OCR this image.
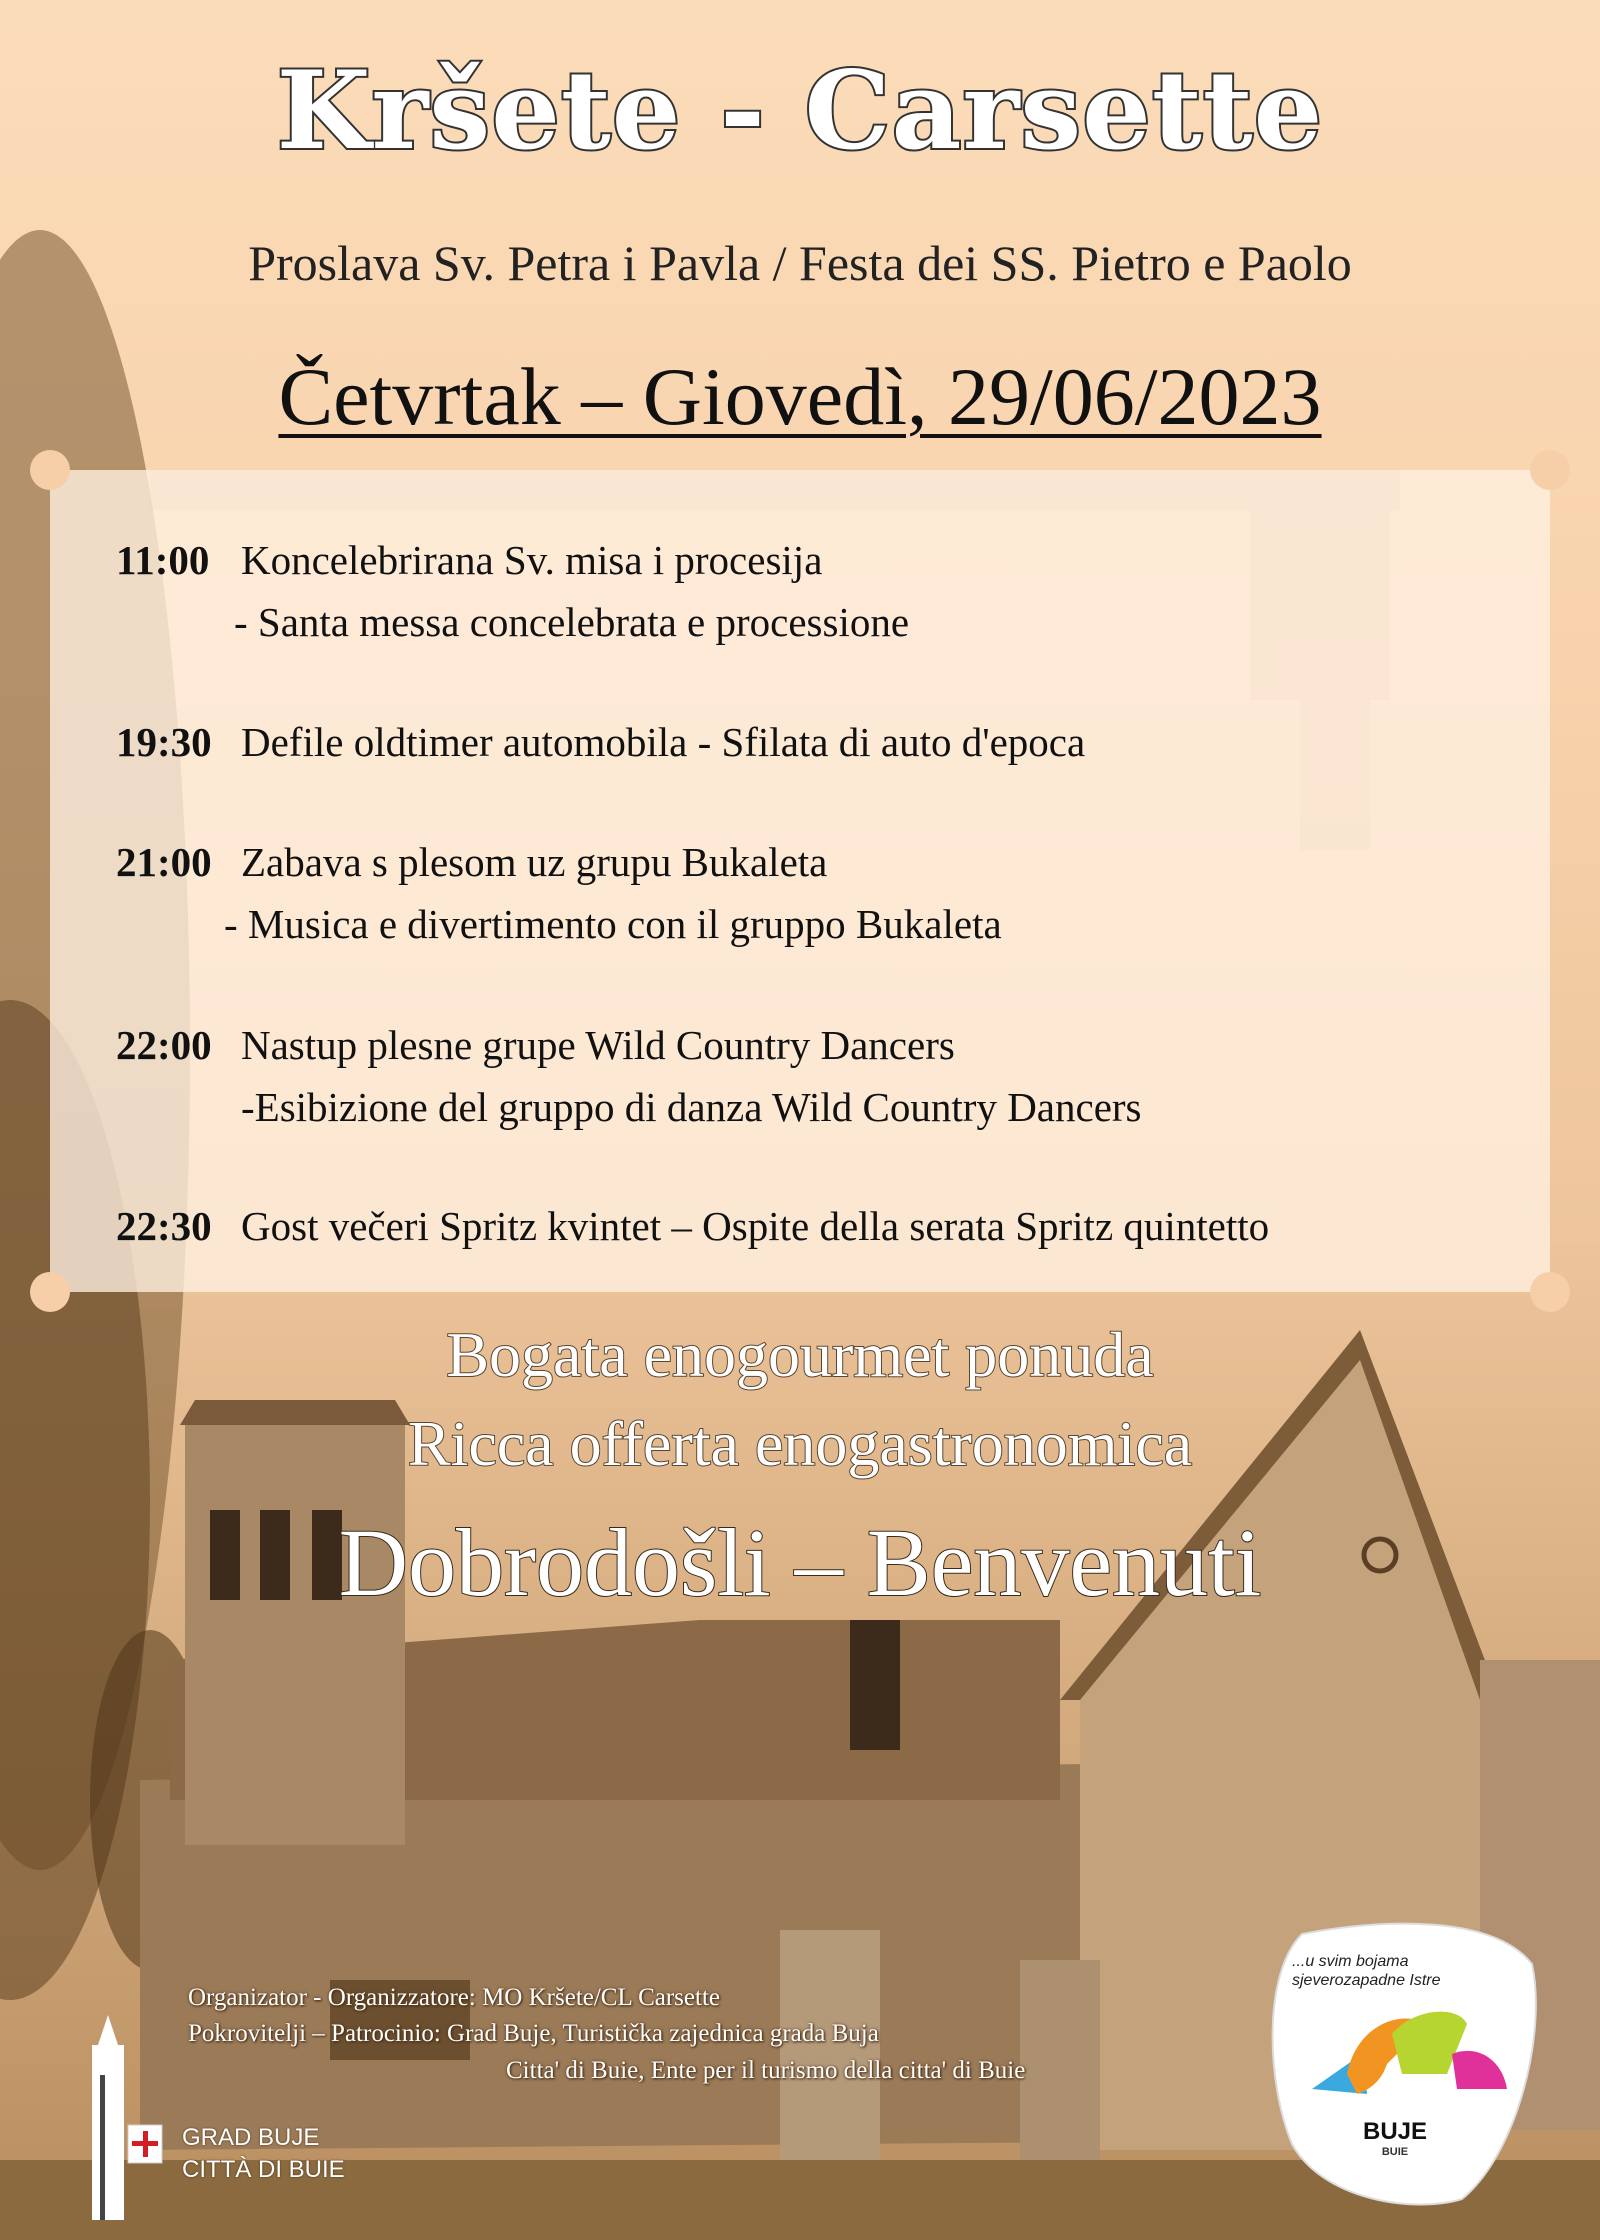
Kršete - Carsette
Proslava Sv. Petra i Pavla / Festa dei SS. Pietro e Paolo
Četvrtak – Giovedì, 29/06/2023
11:00 Koncelebrirana Sv. misa i procesija
- Santa messa concelebrata e processione
19:30 Defile oldtimer automobila - Sfilata di auto d'epoca
21:00 Zabava s plesom uz grupu Bukaleta
- Musica e divertimento con il gruppo Bukaleta
22:00 Nastup plesne grupe Wild Country Dancers
-Esibizione del gruppo di danza Wild Country Dancers
22:30 Gost večeri Spritz kvintet – Ospite della serata Spritz quintetto
Bogata enogourmet ponuda
Ricca offerta enogastronomica
Dobrodošli – Benvenuti
Organizator - Organizzatore: MO Kršete/CL Carsette
Pokrovitelji – Patrocinio: Grad Buje, Turistička zajednica grada Buja
Citta' di Buie, Ente per il turismo della citta' di Buie
GRAD BUJE
CITTÀ DI BUIE
...u svim bojama
sjeverozapadne Istre
BUJE
BUIE
